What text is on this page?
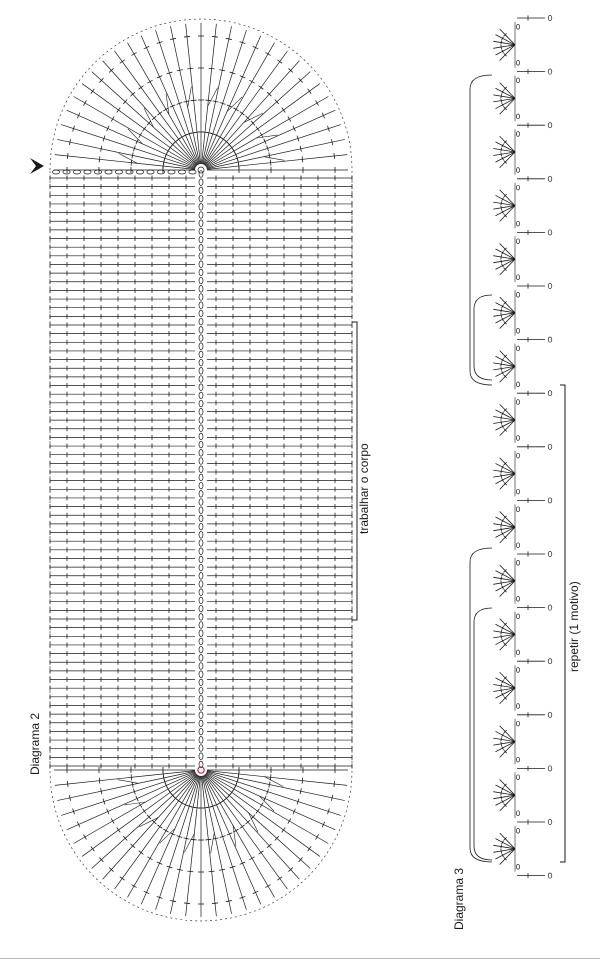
Diagrama 2
trabalhar o corpo
Diagrama 3
repetir (1 motivo)
